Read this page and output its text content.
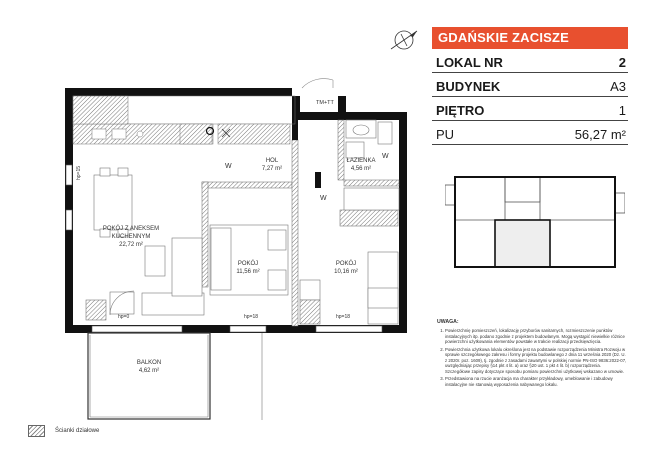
POKÓJ Z ANEKSEM
KUCHENNYM
22,72 m²
HOL
7,27 m²
ŁAZIENKA
4,56 m²
POKÓJ
11,56 m²
POKÓJ
10,16 m²
BALKON
4,62 m²
W
W
W
TM+TT
hp=15
hp=0	hp=18	hp=18
GDAŃSKIE ZACISZE
LOKAL NR	2
BUDYNEK	A3
PIĘTRO	1
PU	56,27 m²
UWAGA:
1. Powierzchnię pomieszczeń, lokalizację przyborów sanitarnych, rozmieszczenie punktów instalacyjnych itp. podano zgodnie z projektem budowlanym. Mogą wystąpić niewielkie różnice powierzchni użytkowania elementów powstałe w trakcie realizacji przedsięwzięcia.
2. Powierzchnia użytkowa lokalu określona jest na podstawie rozporządzenia Ministra Rozwoju w sprawie szczegółowego zakresu i formy projektu budowlanego z dnia 11 września 2020 (Dz. U. z 2020r. poz. 1609), tj. zgodnie z zasadami zawartymi w polskiej normie PN-ISO 9836:2022-07, uwzględniając przepisy §14 pkt 4 lit. a) oraz §20 ust. 1 pkt 4 lit. b) rozporządzenia. Szczegółowe zapisy dotyczące sposobu pomiaru powierzchni użytkowej wskazano w umowie.
3. Przedstawiona na rzucie aranżacja ma charakter przykładowy, umeblowanie i zabudowy instalacyjne nie stanowią wyposażenia nabywanego lokalu.
Ścianki działowe
